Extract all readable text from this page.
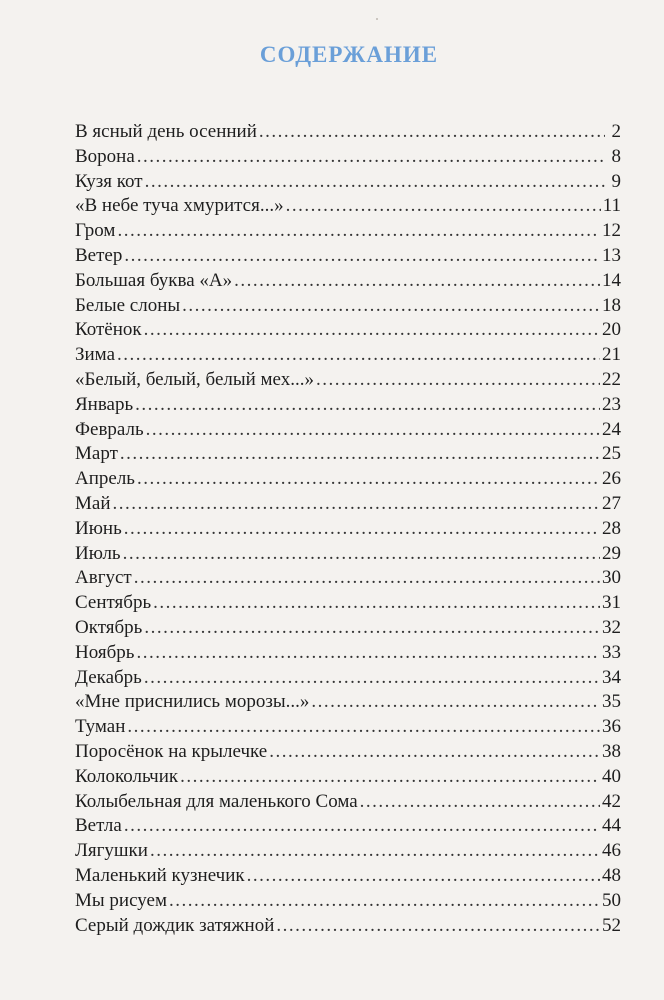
СОДЕРЖАНИЕ
В ясный день осенний .....	2
Ворона .....	8
Кузя кот .....	9
«В небе туча хмурится...» .....	11
Гром .....	12
Ветер .....	13
Большая буква «А» .....	14
Белые слоны .....	18
Котёнок .....	20
Зима .....	21
«Белый, белый, белый мех...» .....	22
Январь .....	23
Февраль .....	24
Март .....	25
Апрель .....	26
Май .....	27
Июнь .....	28
Июль .....	29
Август .....	30
Сентябрь .....	31
Октябрь .....	32
Ноябрь .....	33
Декабрь .....	34
«Мне приснились морозы...» .....	35
Туман .....	36
Поросёнок на крылечке .....	38
Колокольчик .....	40
Колыбельная для маленького Сома .....	42
Ветла .....	44
Лягушки .....	46
Маленький кузнечик .....	48
Мы рисуем .....	50
Серый дождик затяжной .....	52
